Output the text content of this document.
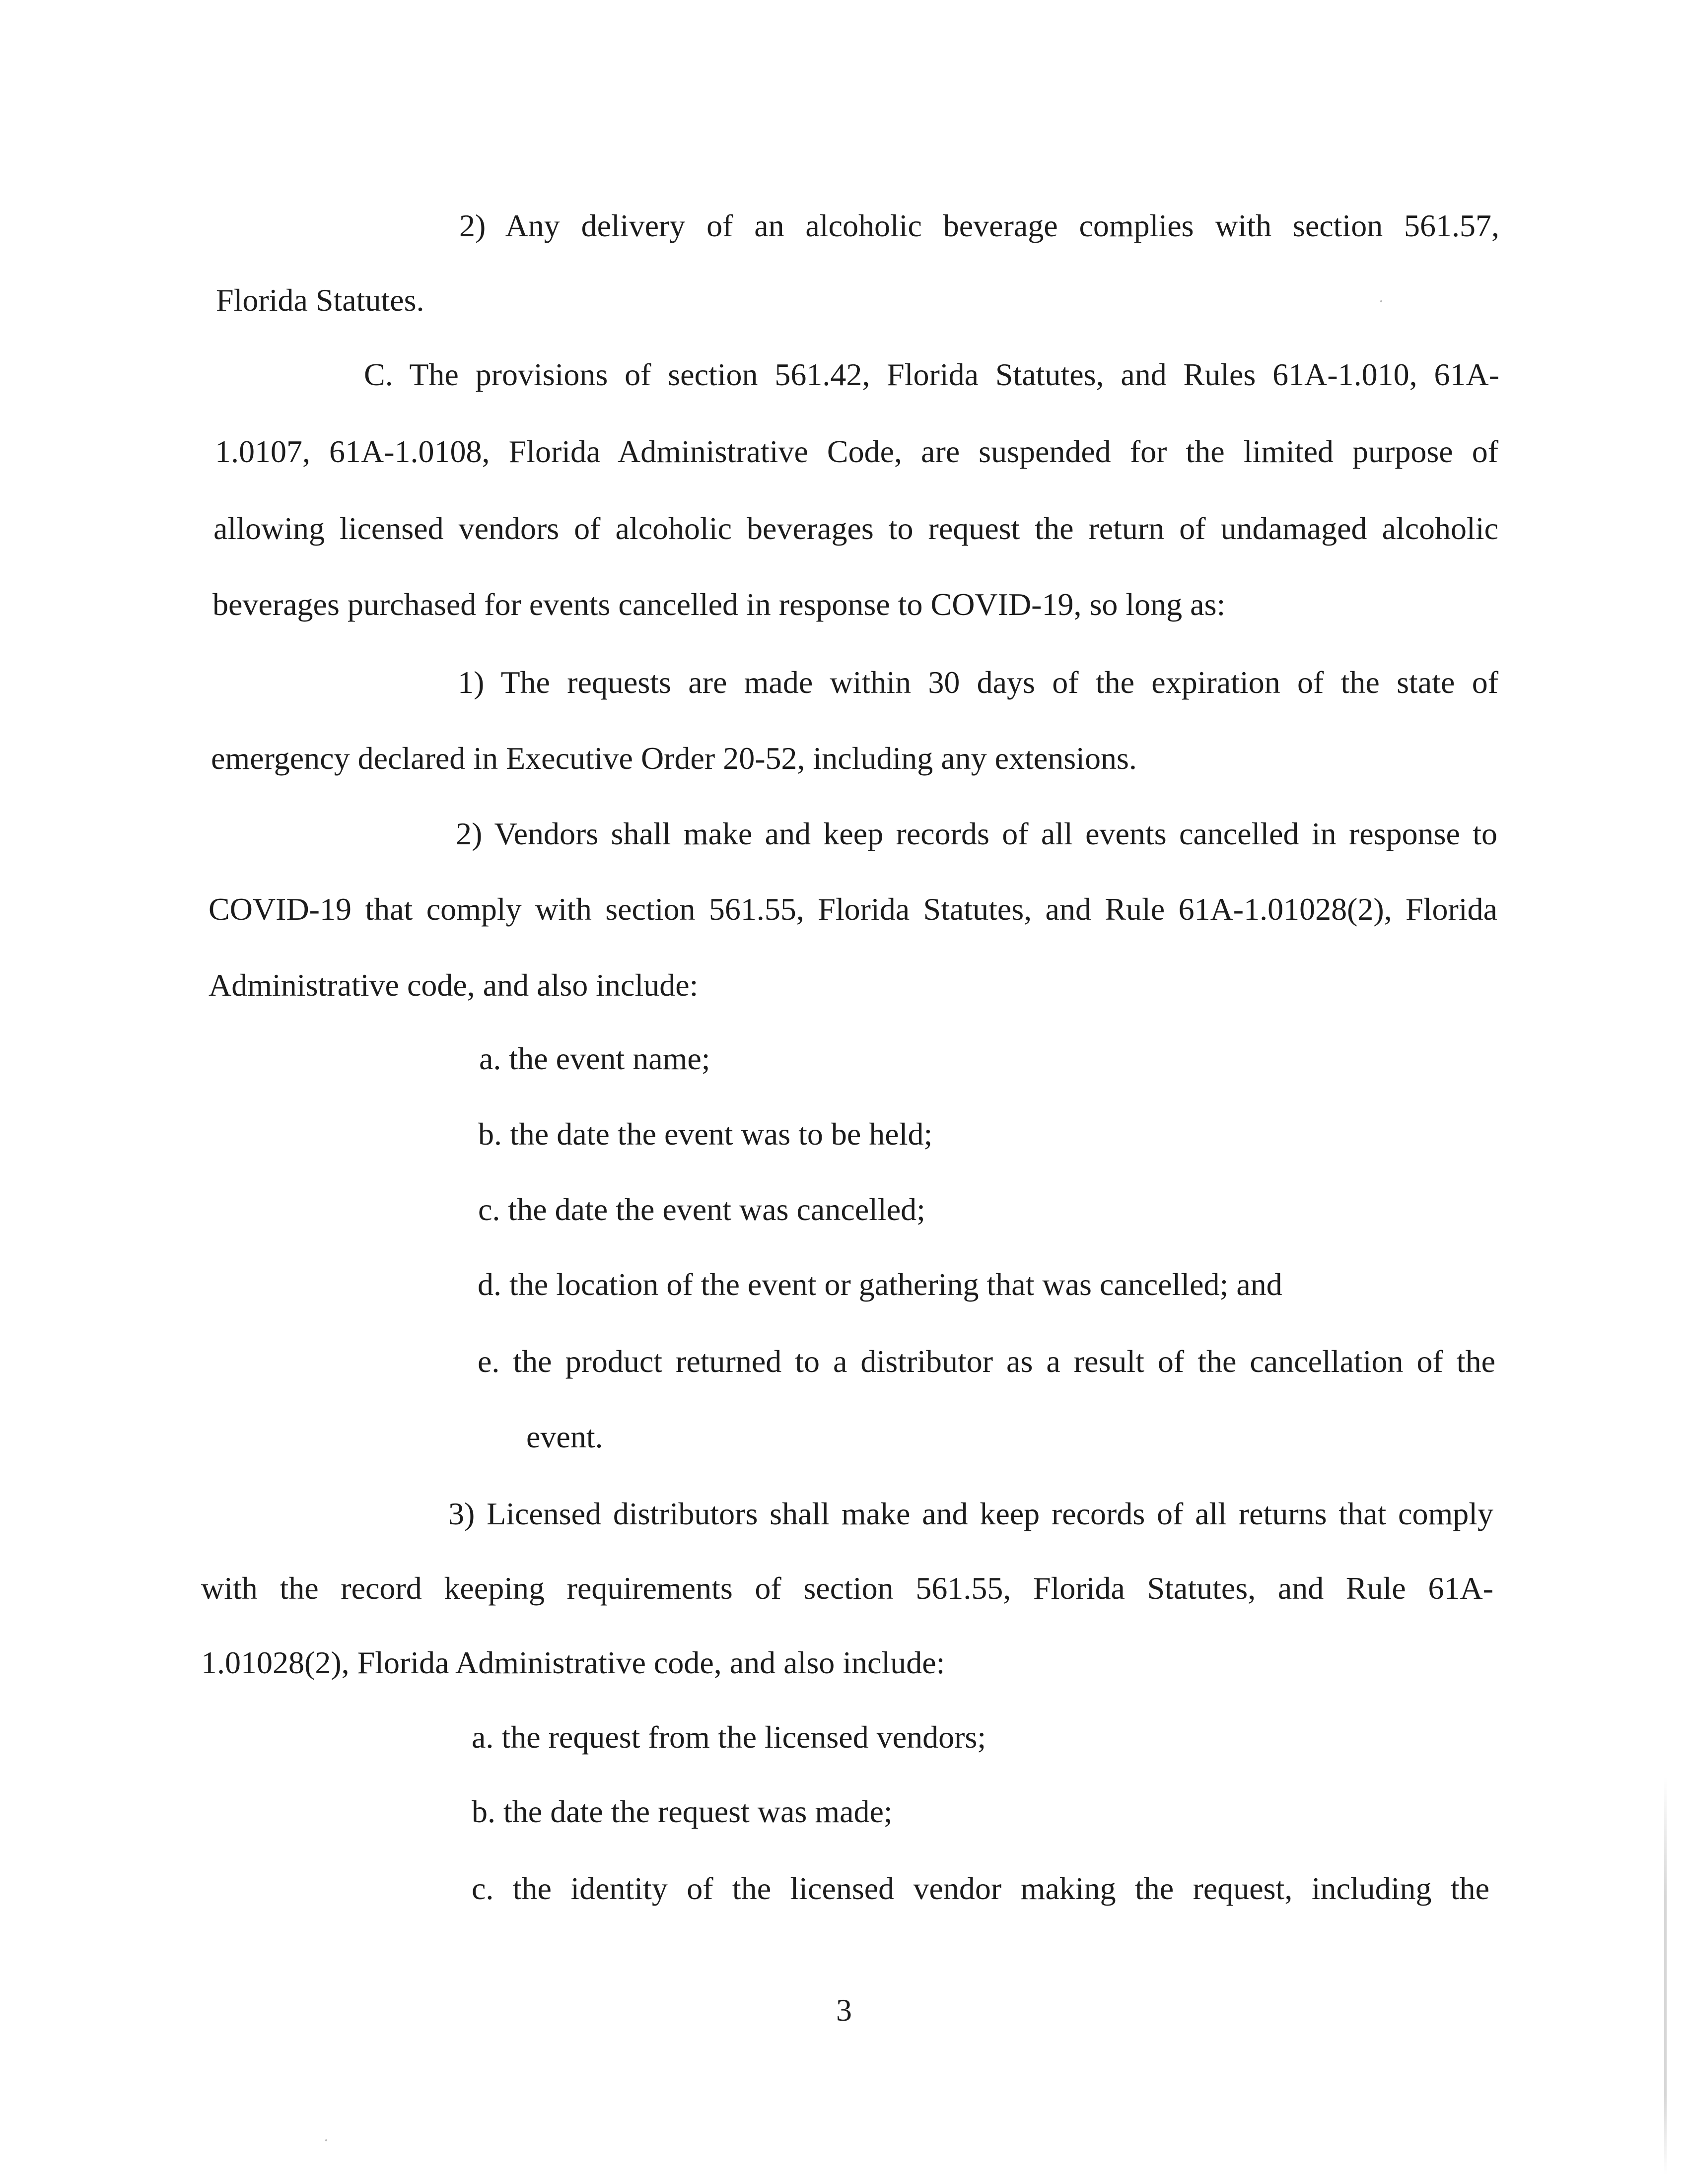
2) Any delivery of an alcoholic beverage complies with section 561.57,
Florida Statutes.
C. The provisions of section 561.42, Florida Statutes, and Rules 61A-1.010, 61A-
1.0107, 61A-1.0108, Florida Administrative Code, are suspended for the limited purpose of
allowing licensed vendors of alcoholic beverages to request the return of undamaged alcoholic
beverages purchased for events cancelled in response to COVID-19, so long as:
1) The requests are made within 30 days of the expiration of the state of
emergency declared in Executive Order 20-52, including any extensions.
2) Vendors shall make and keep records of all events cancelled in response to
COVID-19 that comply with section 561.55, Florida Statutes, and Rule 61A-1.01028(2), Florida
Administrative code, and also include:
a. the event name;
b. the date the event was to be held;
c. the date the event was cancelled;
d. the location of the event or gathering that was cancelled; and
e. the product returned to a distributor as a result of the cancellation of the
event.
3) Licensed distributors shall make and keep records of all returns that comply
with the record keeping requirements of section 561.55, Florida Statutes, and Rule 61A-
1.01028(2), Florida Administrative code, and also include:
a. the request from the licensed vendors;
b. the date the request was made;
c. the identity of the licensed vendor making the request, including the
3
